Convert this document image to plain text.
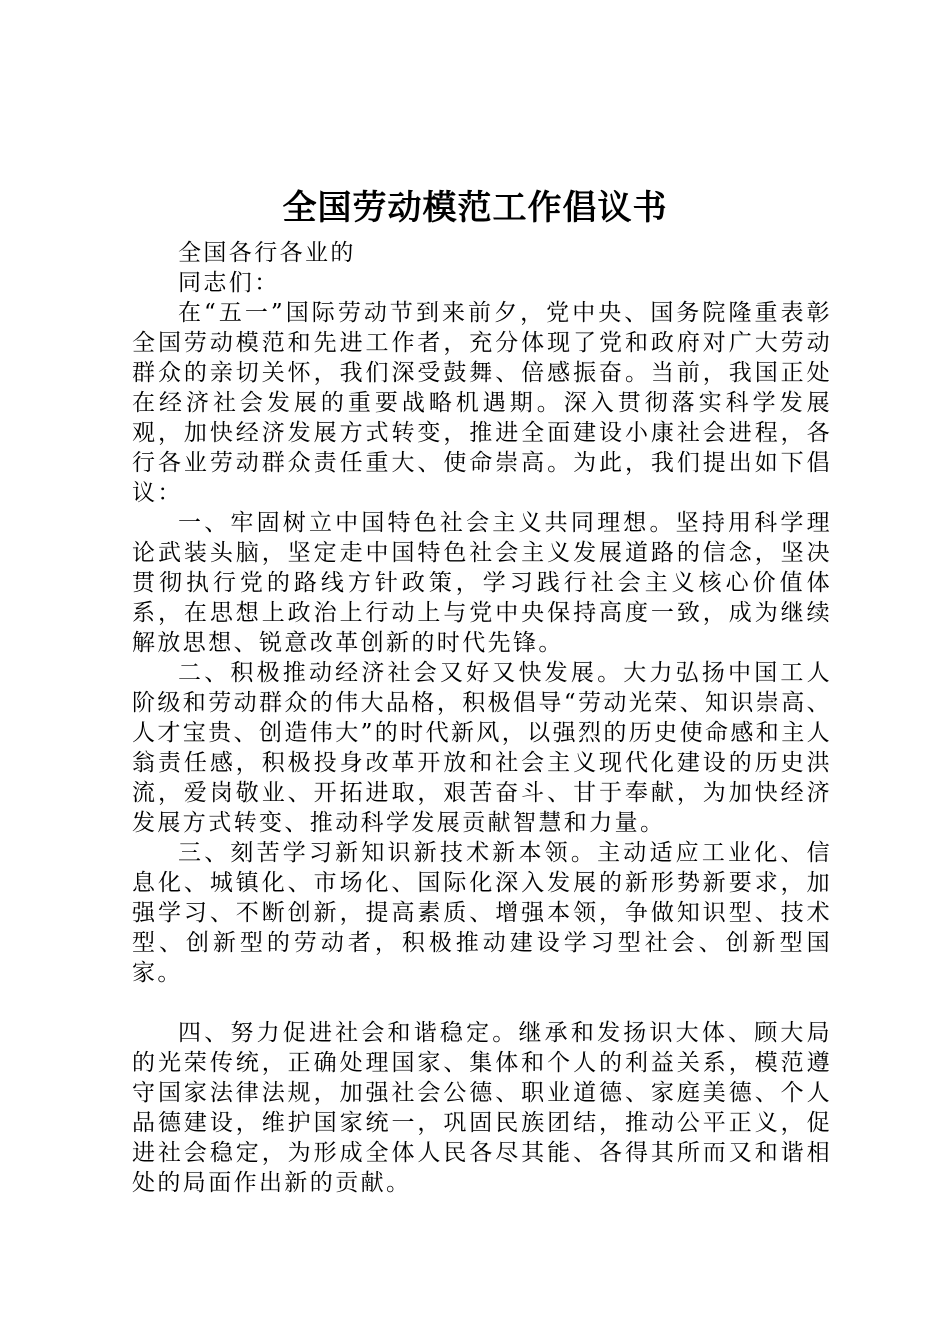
全国劳动模范工作倡议书

全国各行各业的

同志们：

在“五一”国际劳动节到来前夕，党中央、国务院隆重表彰全国劳动模范和先进工作者，充分体现了党和政府对广大劳动群众的亲切关怀，我们深受鼓舞、倍感振奋。当前，我国正处在经济社会发展的重要战略机遇期。深入贯彻落实科学发展观，加快经济发展方式转变，推进全面建设小康社会进程，各行各业劳动群众责任重大、使命崇高。为此，我们提出如下倡议：

一、牢固树立中国特色社会主义共同理想。坚持用科学理论武装头脑，坚定走中国特色社会主义发展道路的信念，坚决贯彻执行党的路线方针政策，学习践行社会主义核心价值体系，在思想上政治上行动上与党中央保持高度一致，成为继续解放思想、锐意改革创新的时代先锋。

二、积极推动经济社会又好又快发展。大力弘扬中国工人阶级和劳动群众的伟大品格，积极倡导“劳动光荣、知识崇高、人才宝贵、创造伟大”的时代新风，以强烈的历史使命感和主人翁责任感，积极投身改革开放和社会主义现代化建设的历史洪流，爱岗敬业、开拓进取，艰苦奋斗、甘于奉献，为加快经济发展方式转变、推动科学发展贡献智慧和力量。

三、刻苦学习新知识新技术新本领。主动适应工业化、信息化、城镇化、市场化、国际化深入发展的新形势新要求，加强学习、不断创新，提高素质、增强本领，争做知识型、技术型、创新型的劳动者，积极推动建设学习型社会、创新型国家。

四、努力促进社会和谐稳定。继承和发扬识大体、顾大局的光荣传统，正确处理国家、集体和个人的利益关系，模范遵守国家法律法规，加强社会公德、职业道德、家庭美德、个人品德建设，维护国家统一，巩固民族团结，推动公平正义，促进社会稳定，为形成全体人民各尽其能、各得其所而又和谐相处的局面作出新的贡献。
